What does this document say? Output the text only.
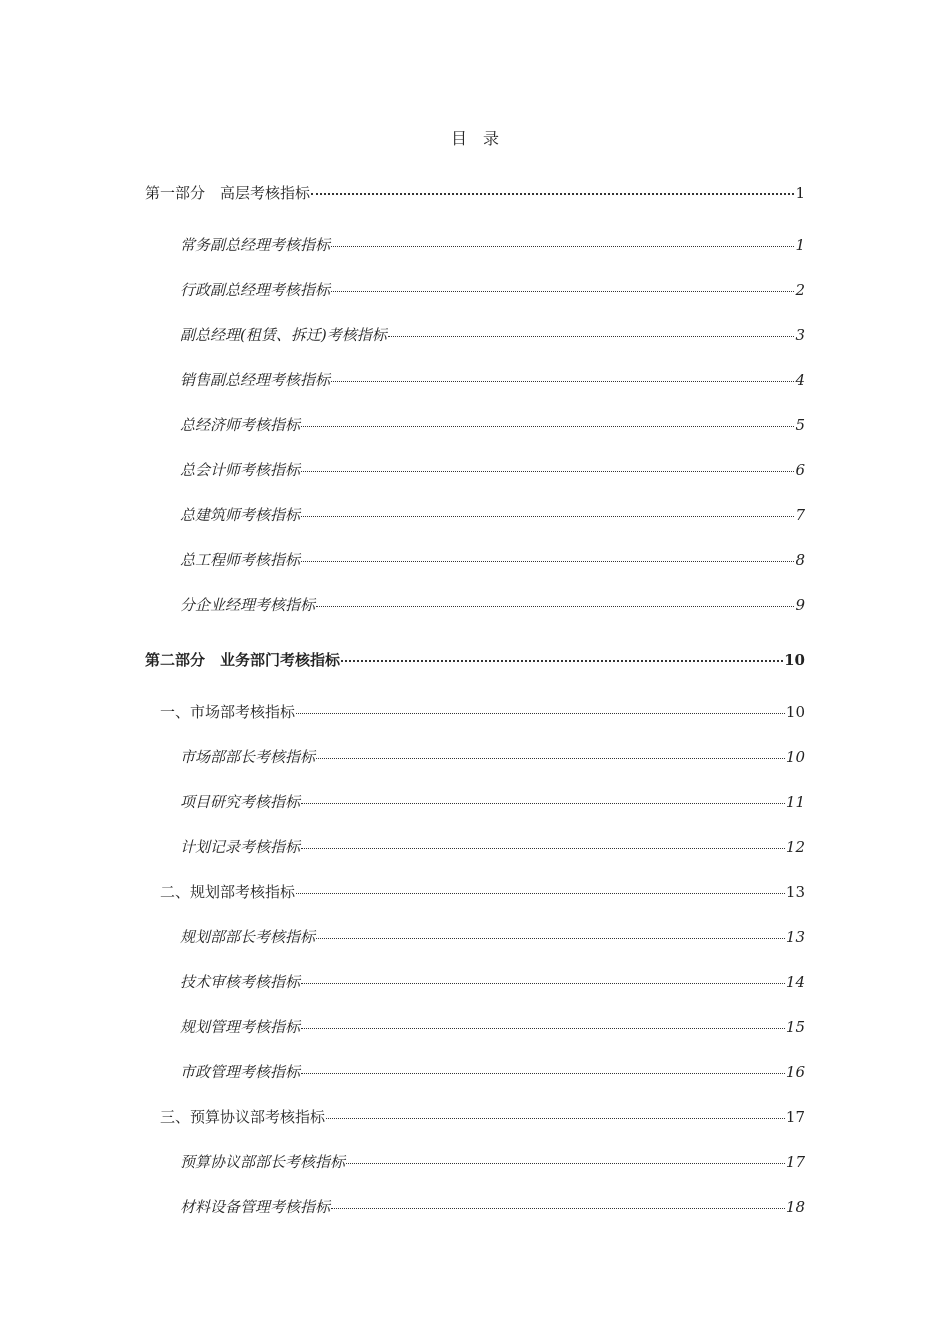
目　录
第一部分　高层考核指标	1
常务副总经理考核指标	1
行政副总经理考核指标	2
副总经理(租赁、拆迁)考核指标	3
销售副总经理考核指标	4
总经济师考核指标	5
总会计师考核指标	6
总建筑师考核指标	7
总工程师考核指标	8
分企业经理考核指标	9
第二部分　业务部门考核指标	10
一、市场部考核指标	10
市场部部长考核指标	10
项目研究考核指标	11
计划记录考核指标	12
二、规划部考核指标	13
规划部部长考核指标	13
技术审核考核指标	14
规划管理考核指标	15
市政管理考核指标	16
三、预算协议部考核指标	17
预算协议部部长考核指标	17
材料设备管理考核指标	18
